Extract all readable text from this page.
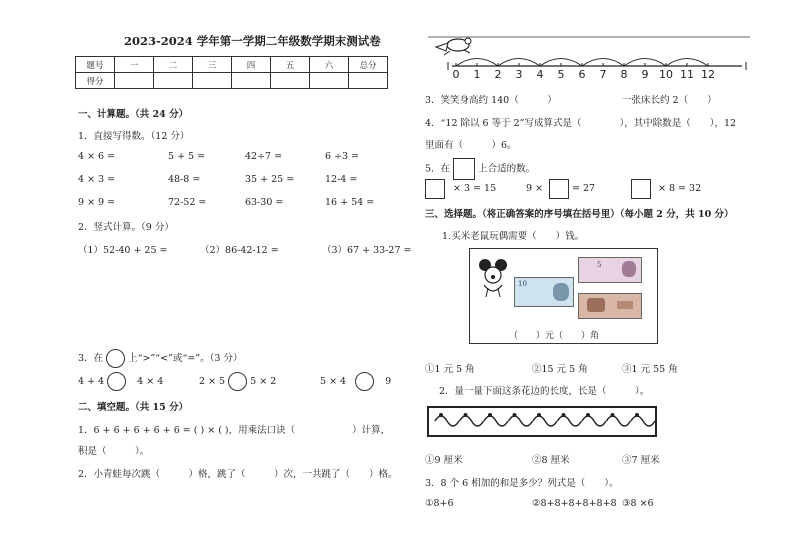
2023-2024 学年第一学期二年级数学期末测试卷
题号	一	二	三	四	五	六	总分
得分							
一、计算题。（共 24 分）
1．直接写得数。（12 分）
4 × 6 =	5 + 5 =	42÷7 =	6 ÷3 =
4 × 3 =	48-8 =	35 + 25 =	12-4 =
9 × 9 =	72-52 =	63-30 =	16 + 54 =
2．竖式计算。（9 分）
（1）52-40 + 25 =	（2）86-42-12 =	（3）67 + 33-27 =
3．在	上“>”“<”或“=”。（3 分）
4 + 4	4 × 4	2 × 5	5 × 2	5 × 4	9
二、填空题。（共 15 分）
1．6 + 6 + 6 + 6 + 6 = ( ) × ( )，用乘法口诀（　　　　　　）计算，
积是（　　　）。
2．小青蛙每次跳（　　　）格，跳了（　　　）次，一共跳了（　　）格。
0 1 2 3 4 5 6 7 8 9 10 11 12
3．笑笑身高约 140（　　　）	一张床长约 2（　　）
4．“12 除以 6 等于 2”写成算式是（　　　　），其中除数是（　　），12
里面有（　　　）6。
5．在	上合适的数。
× 3 = 15	9 ×	= 27	× 8 = 32
三、选择题。（将正确答案的序号填在括号里）（每小题 2 分，共 10 分）
1.买米老鼠玩偶需要（　　）钱。
10
5
（　　）元（　　）角
①1 元 5 角	②15 元 5 角	③1 元 55 角
2．量一量下面这条花边的长度，长是（　　　）。
①9 厘米	②8 厘米	③7 厘米
3．8 个 6 相加的和是多少？列式是（　　）。
①8+6	②8+8+8+8+8+8 ③8 ×6
